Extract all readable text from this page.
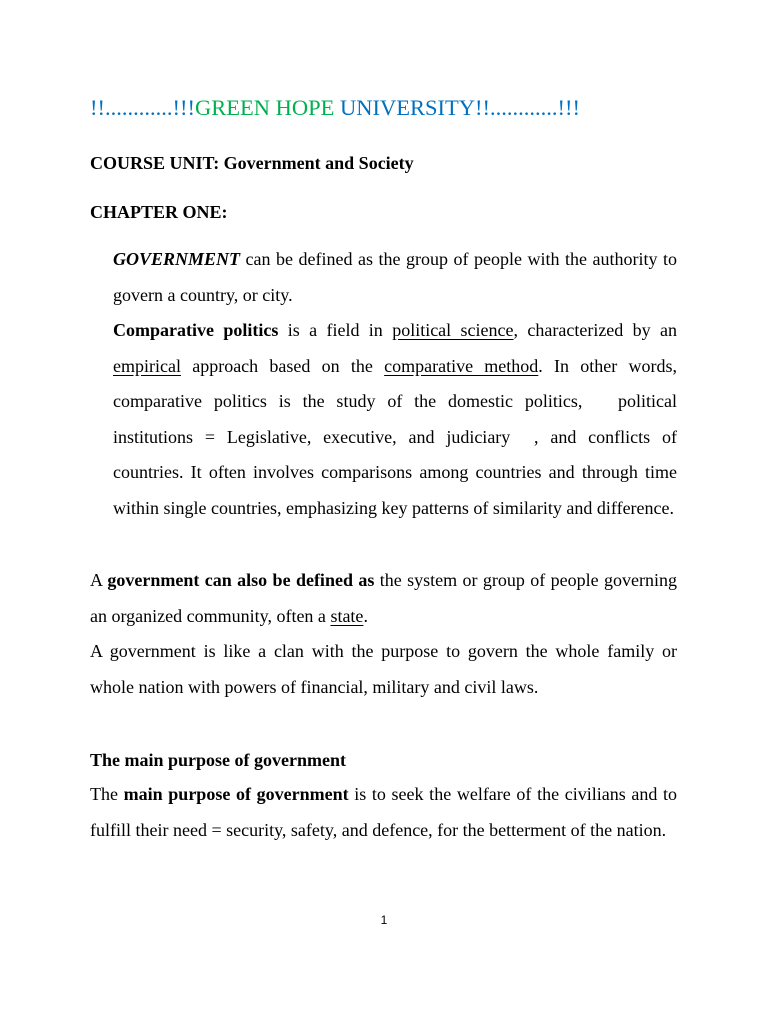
!!............!!!GREEN HOPE UNIVERSITY!!............!!!
COURSE UNIT: Government and Society
CHAPTER ONE:

GOVERNMENT can be defined as the group of people with the authority to govern a country, or city.

Comparative politics is a field in political science, characterized by an empirical approach based on the comparative method. In other words, comparative politics is the study of the domestic politics,   political institutions = Legislative, executive, and judiciary  , and conflicts of countries. It often involves comparisons among countries and through time within single countries, emphasizing key patterns of similarity and difference.

A government can also be defined as the system or group of people governing an organized community, often a state.

A government is like a clan with the purpose to govern the whole family or whole nation with powers of financial, military and civil laws.

The main purpose of government

The main purpose of government is to seek the welfare of the civilians and to fulfill their need = security, safety, and defence, for the betterment of the nation.

1
